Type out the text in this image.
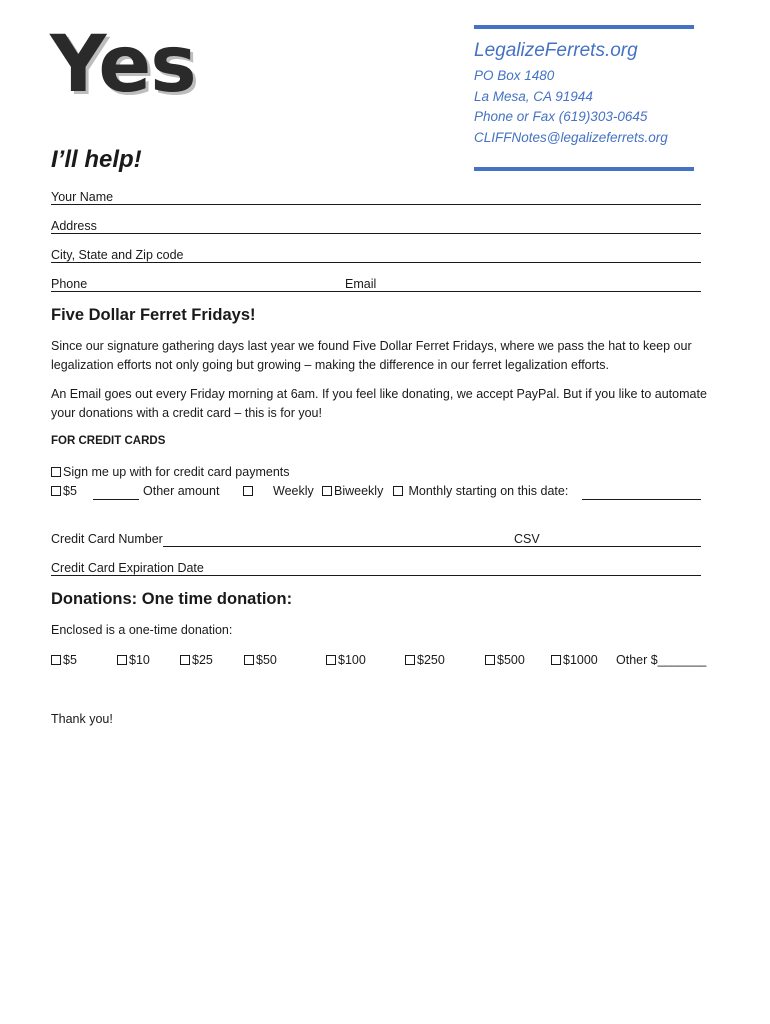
Yes
I’ll help!
LegalizeFerrets.org
PO Box 1480
La Mesa, CA 91944
Phone or Fax (619)303-0645
CLIFFNotes@legalizeferrets.org
Your Name
Address
City, State and Zip code
Phone	Email
Five Dollar Ferret Fridays!
Since our signature gathering days last year we found Five Dollar Ferret Fridays, where we pass the hat to keep our legalization efforts not only going but growing – making the difference in our ferret legalization efforts.
An Email goes out every Friday morning at 6am. If you feel like donating, we accept PayPal. But if you like to automate your donations with a credit card – this is for you!
FOR CREDIT CARDS
Sign me up with for credit card payments
$5	Other amount	Weekly	Biweekly	Monthly starting on this date:
Credit Card Number	CSV
Credit Card Expiration Date
Donations: One time donation:
Enclosed is a one-time donation:
$5	$10	$25	$50	$100	$250	$500	$1000 Other $_______
Thank you!
